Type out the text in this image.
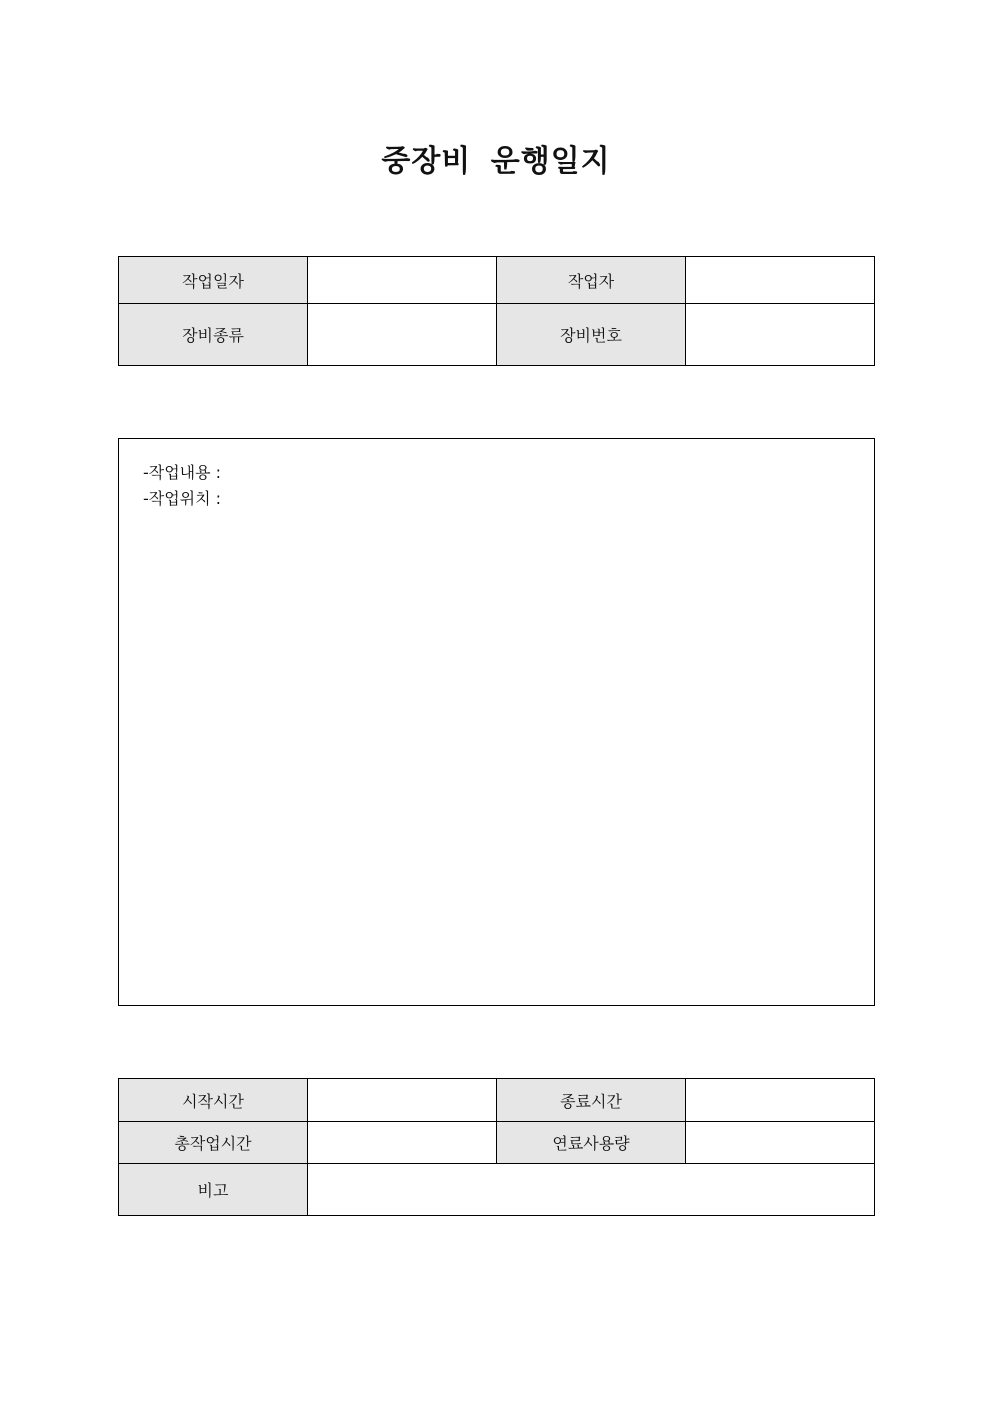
중장비 운행일지
작업일자		작업자	
장비종류		장비번호	
-작업내용 :
-작업위치 :
시작시간		종료시간	
총작업시간		연료사용량	
비고			
